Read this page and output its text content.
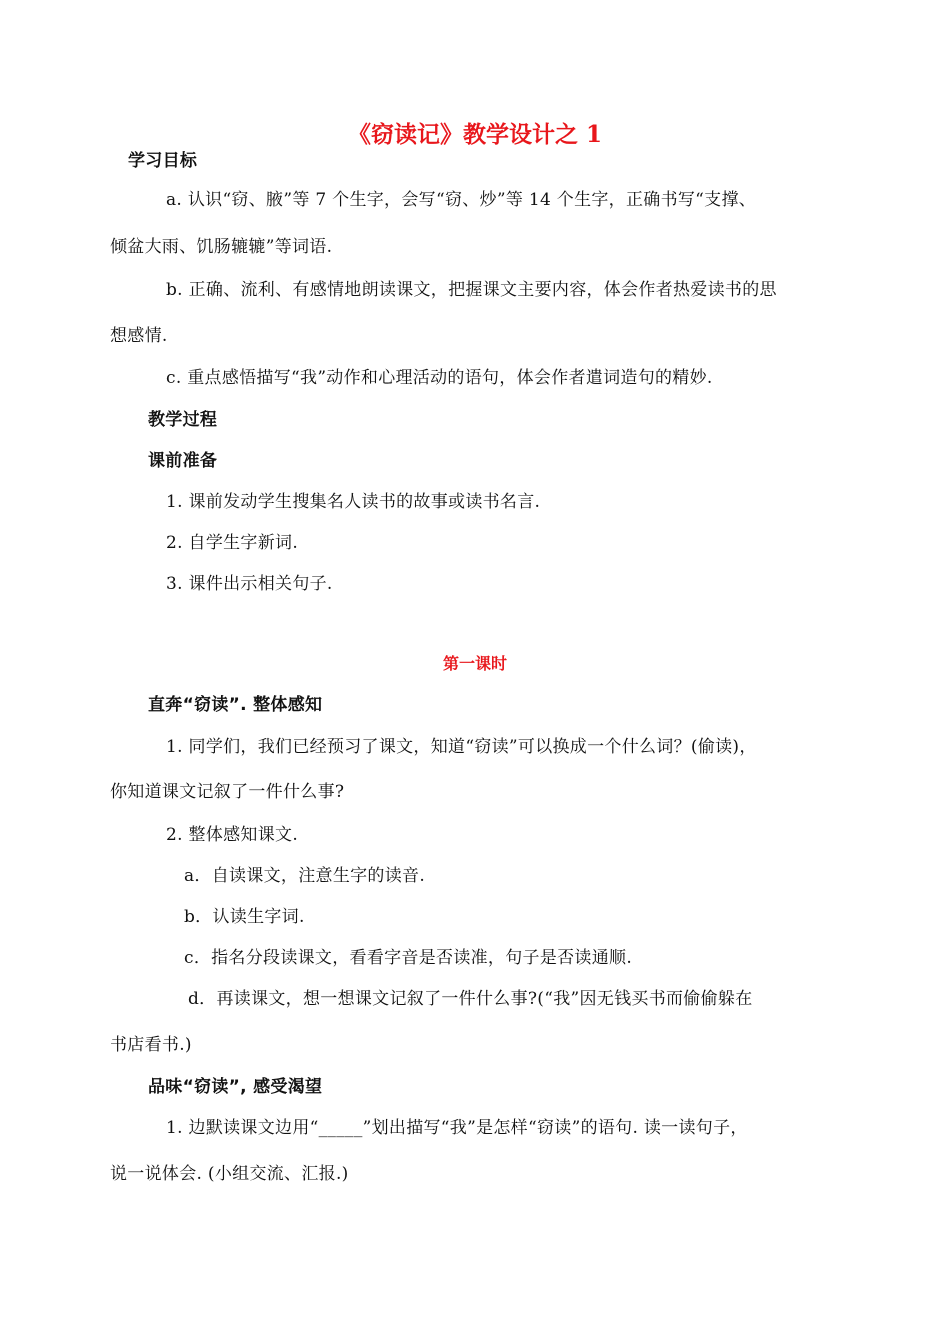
《窃读记》教学设计之 1
学习目标
a. 认识“窃、腋”等 7 个生字，会写“窃、炒”等 14 个生字，正确书写“支撑、
倾盆大雨、饥肠辘辘”等词语.
b. 正确、流利、有感情地朗读课文，把握课文主要内容，体会作者热爱读书的思
想感情.
c. 重点感悟描写“我”动作和心理活动的语句，体会作者遣词造句的精妙.
教学过程
课前准备
1. 课前发动学生搜集名人读书的故事或读书名言.
2. 自学生字新词.
3. 课件出示相关句子.
第一课时
直奔“窃读”. 整体感知
1. 同学们，我们已经预习了课文，知道“窃读”可以换成一个什么词？(偷读)，
你知道课文记叙了一件什么事?
2. 整体感知课文.
a．自读课文，注意生字的读音.
b．认读生字词.
c．指名分段读课文，看看字音是否读准，句子是否读通顺.
d．再读课文，想一想课文记叙了一件什么事?(“我”因无钱买书而偷偷躲在
书店看书.)
品味“窃读”, 感受渴望
1. 边默读课文边用“_____”划出描写“我”是怎样“窃读”的语句. 读一读句子，
说一说体会. (小组交流、汇报.)
